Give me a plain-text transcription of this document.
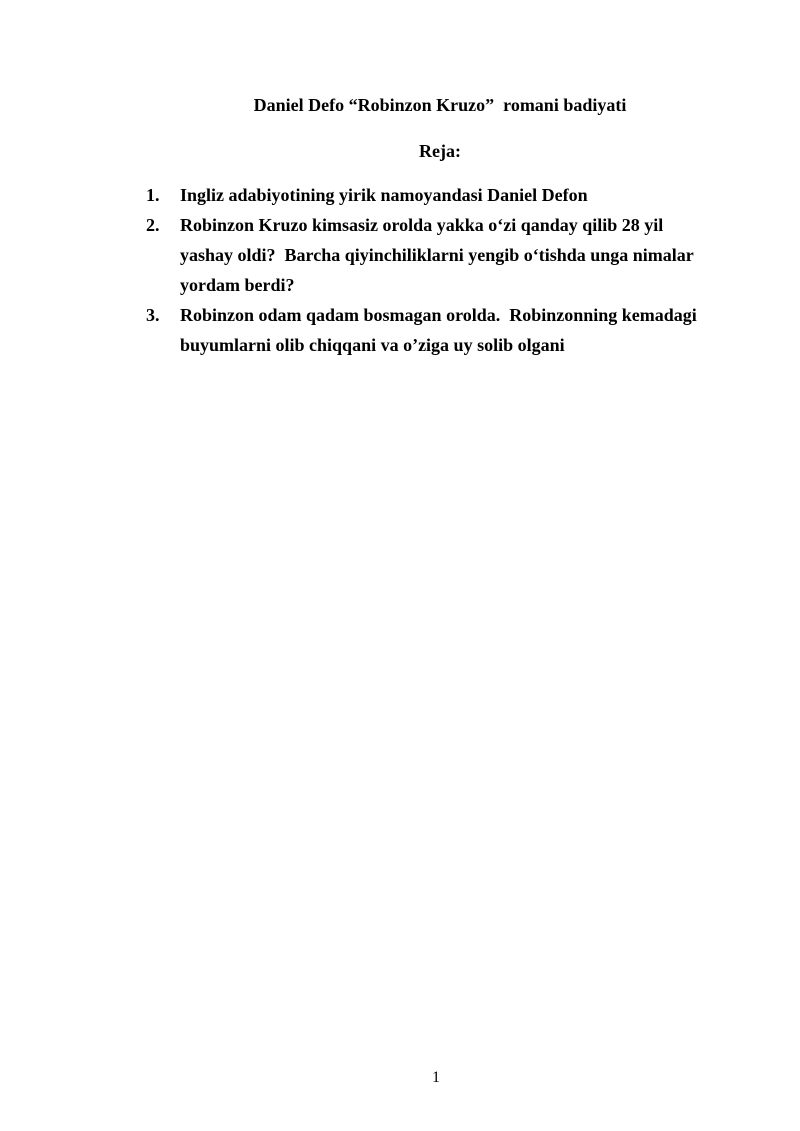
Daniel Defo “Robinzon Kruzo”  romani badiyati
Reja:
1. Ingliz adabiyotining yirik namoyandasi Daniel Defon
2. Robinzon Kruzo kimsasiz orolda yakka o‘zi qanday qilib 28 yil
yashay oldi?  Barcha qiyinchiliklarni yengib o‘tishda unga nimalar
yordam berdi?
3. Robinzon odam qadam bosmagan orolda.  Robinzonning kemadagi
buyumlarni olib chiqqani va o’ziga uy solib olgani
1
